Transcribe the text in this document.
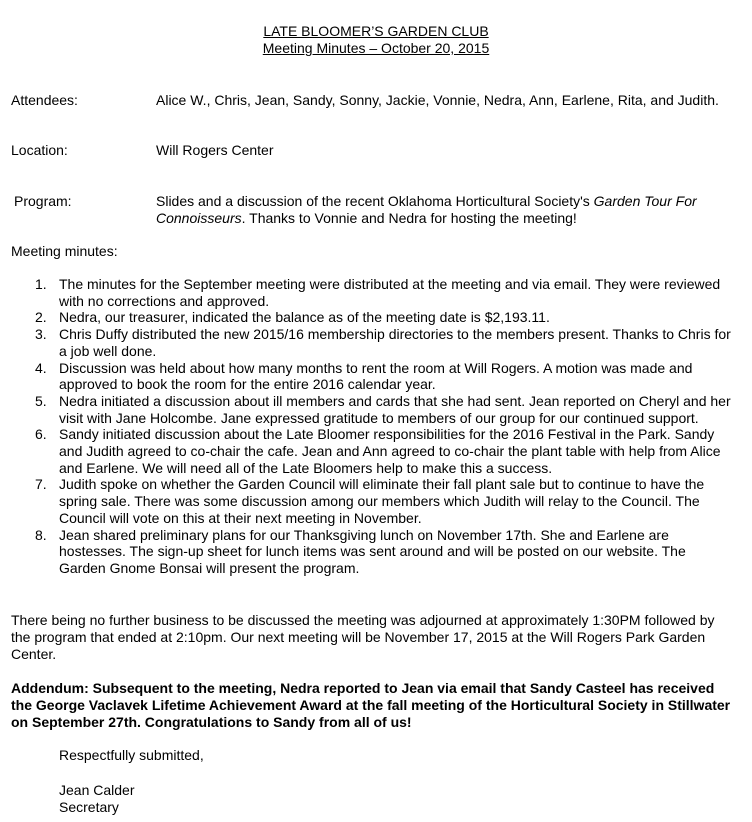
LATE BLOOMER’S GARDEN CLUB
Meeting Minutes – October 20, 2015
Attendees:	Alice W., Chris, Jean, Sandy, Sonny, Jackie, Vonnie, Nedra, Ann, Earlene, Rita, and Judith.
Location:	Will Rogers Center
Program:	Slides and a discussion of the recent Oklahoma Horticultural Society's Garden Tour For Connoisseurs. Thanks to Vonnie and Nedra for hosting the meeting!
Meeting minutes:
1. The minutes for the September meeting were distributed at the meeting and via email. They were reviewed with no corrections and approved.
2. Nedra, our treasurer, indicated the balance as of the meeting date is $2,193.11.
3. Chris Duffy distributed the new 2015/16 membership directories to the members present. Thanks to Chris for a job well done.
4. Discussion was held about how many months to rent the room at Will Rogers. A motion was made and approved to book the room for the entire 2016 calendar year.
5. Nedra initiated a discussion about ill members and cards that she had sent. Jean reported on Cheryl and her visit with Jane Holcombe. Jane expressed gratitude to members of our group for our continued support.
6. Sandy initiated discussion about the Late Bloomer responsibilities for the 2016 Festival in the Park. Sandy and Judith agreed to co-chair the cafe. Jean and Ann agreed to co-chair the plant table with help from Alice and Earlene. We will need all of the Late Bloomers help to make this a success.
7. Judith spoke on whether the Garden Council will eliminate their fall plant sale but to continue to have the spring sale. There was some discussion among our members which Judith will relay to the Council. The Council will vote on this at their next meeting in November.
8. Jean shared preliminary plans for our Thanksgiving lunch on November 17th. She and Earlene are hostesses. The sign-up sheet for lunch items was sent around and will be posted on our website. The Garden Gnome Bonsai will present the program.
There being no further business to be discussed the meeting was adjourned at approximately 1:30PM followed by the program that ended at 2:10pm. Our next meeting will be November 17, 2015 at the Will Rogers Park Garden Center.
Addendum: Subsequent to the meeting, Nedra reported to Jean via email that Sandy Casteel has received the George Vaclavek Lifetime Achievement Award at the fall meeting of the Horticultural Society in Stillwater on September 27th. Congratulations to Sandy from all of us!
Respectfully submitted,
Jean Calder
Secretary
